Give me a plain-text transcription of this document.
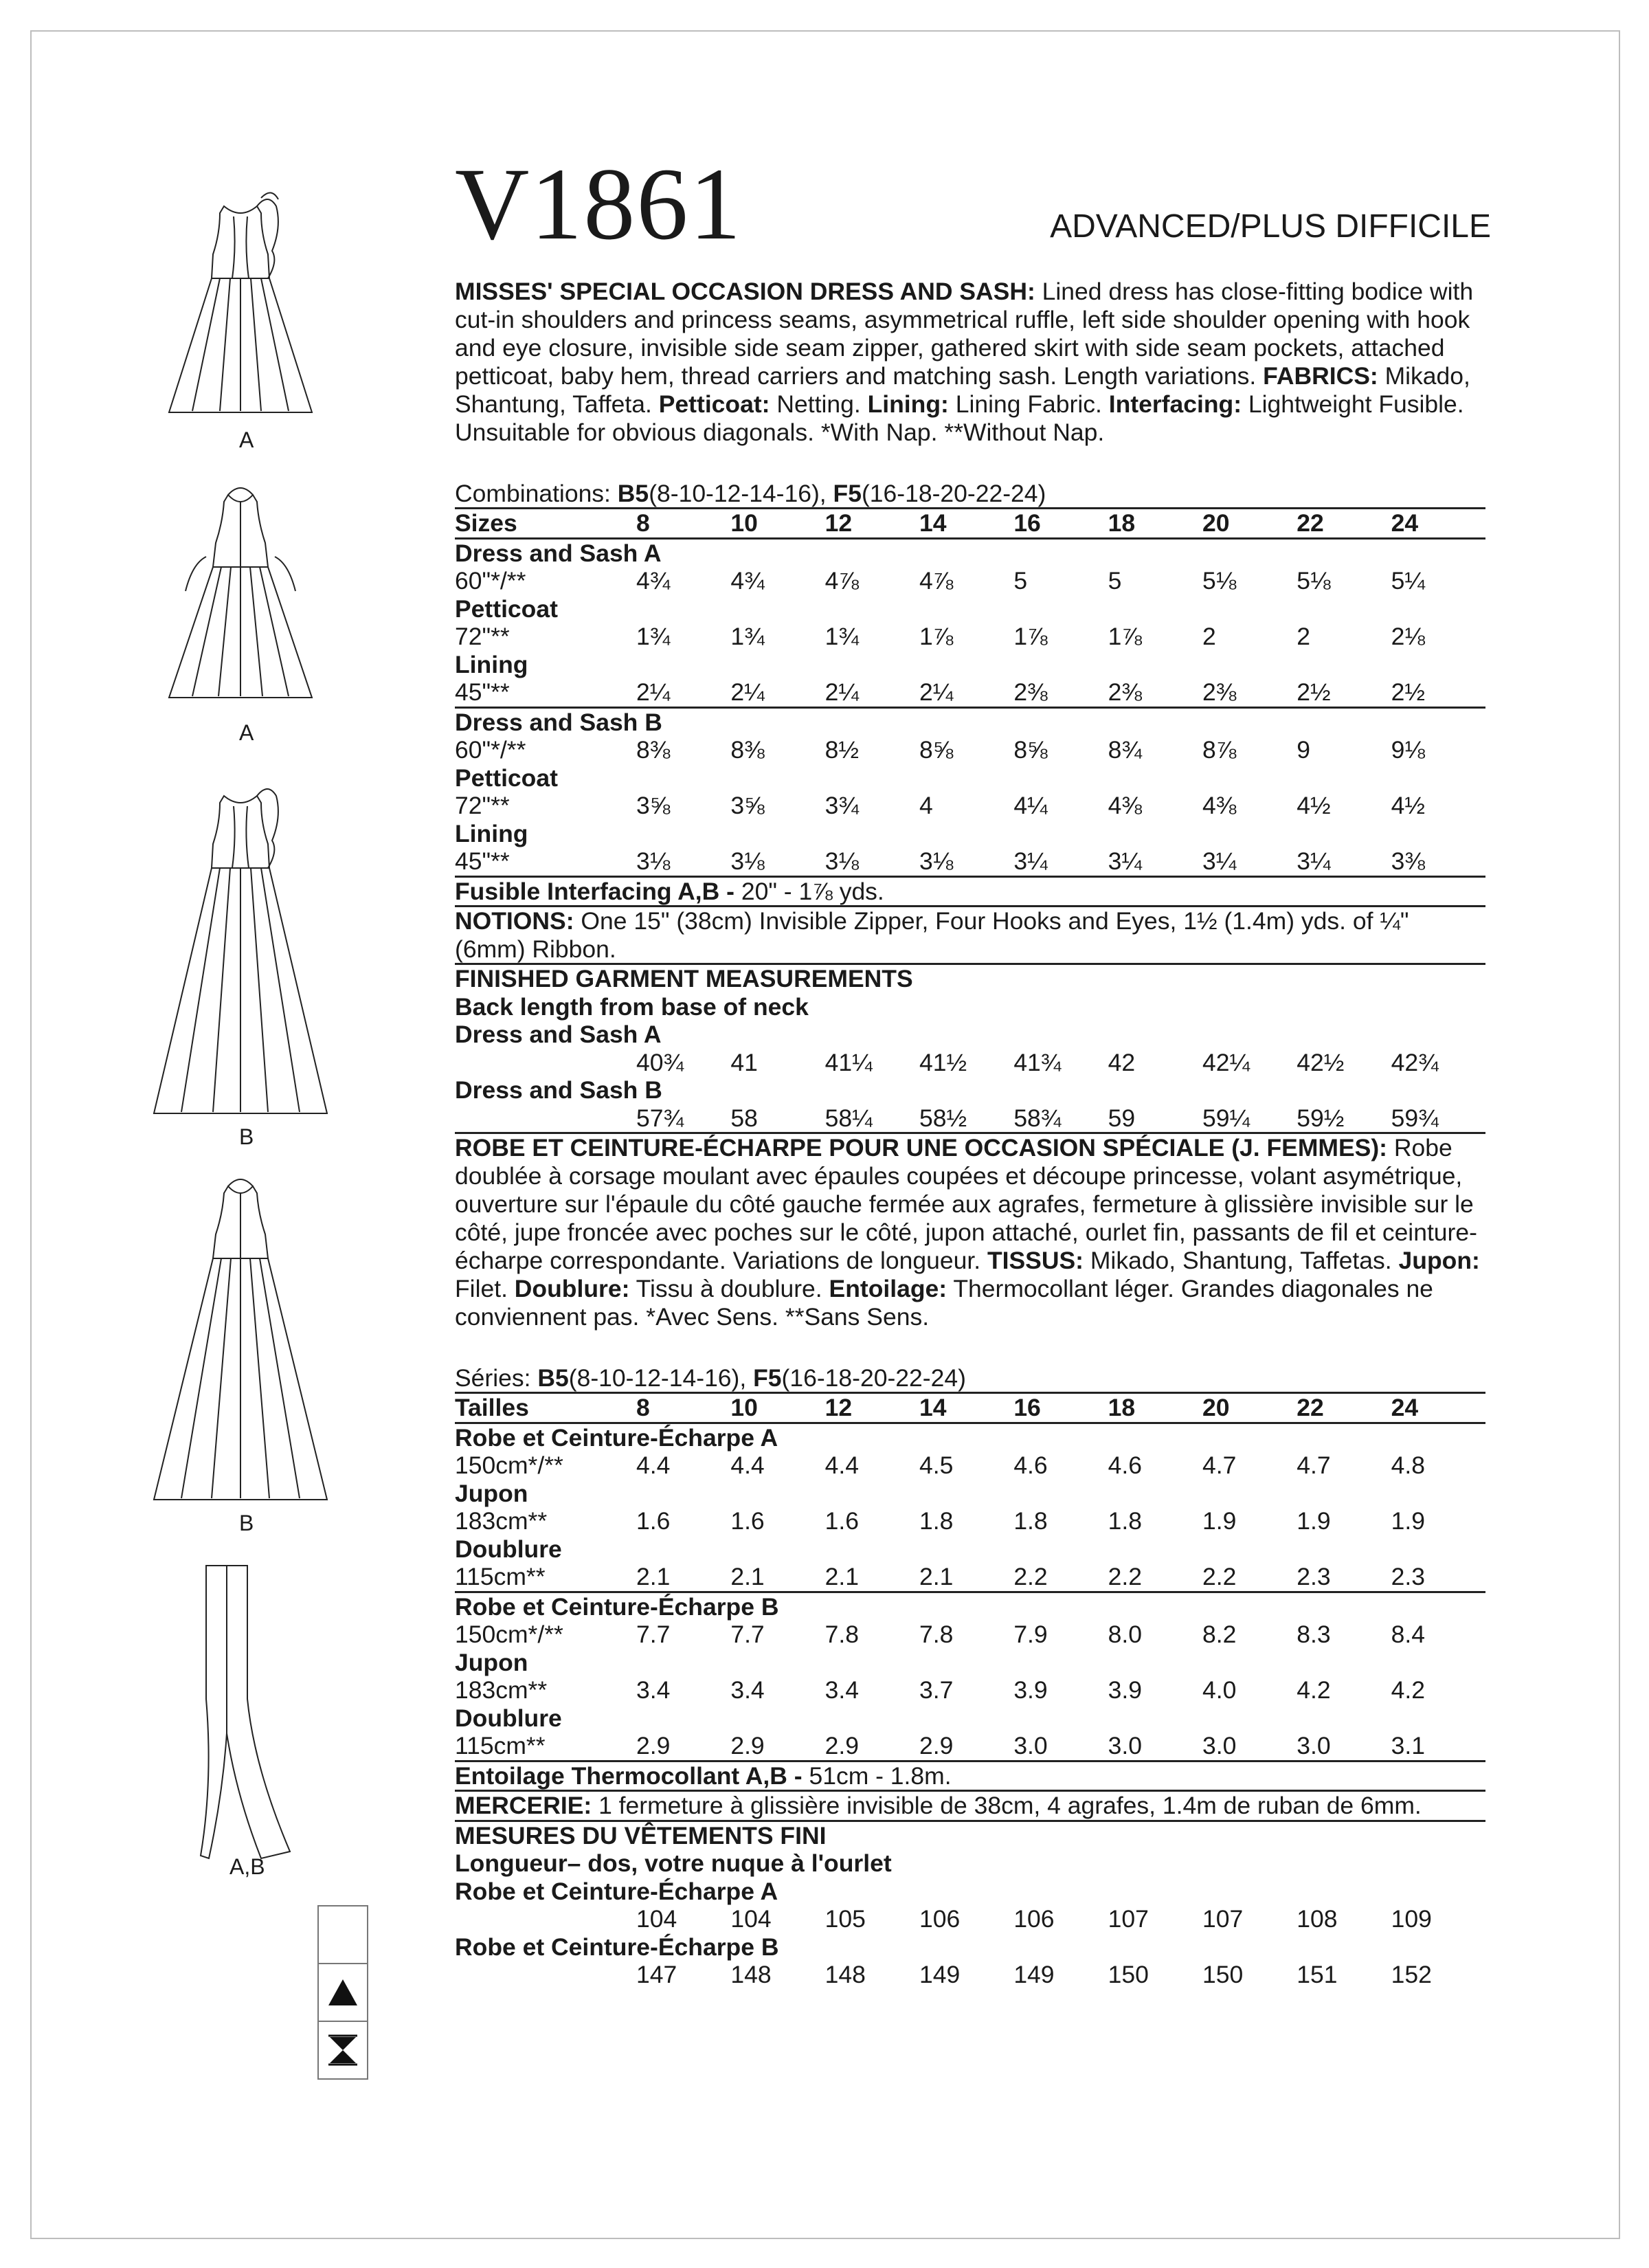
A
A
B
B
A,B
V1861	ADVANCED/PLUS DIFFICILE

MISSES' SPECIAL OCCASION DRESS AND SASH: Lined dress has close-fitting bodice with cut-in shoulders and princess seams, asymmetrical ruffle, left side shoulder opening with hook and eye closure, invisible side seam zipper, gathered skirt with side seam pockets, attached petticoat, baby hem, thread carriers and matching sash. Length variations. FABRICS: Mikado, Shantung, Taffeta. Petticoat: Netting. Lining: Lining Fabric. Interfacing: Lightweight Fusible. Unsuitable for obvious diagonals. *With Nap. **Without Nap.

Combinations: B5(8-10-12-14-16), F5(16-18-20-22-24)
Sizes	8	10	12	14	16	18	20	22	24
Dress and Sash A									
60"*/**	4¾	4¾	4⅞	4⅞	5	5	5⅛	5⅛	5¼
Petticoat									
72"**	1¾	1¾	1¾	1⅞	1⅞	1⅞	2	2	2⅛
Lining									
45"**	2¼	2¼	2¼	2¼	2⅜	2⅜	2⅜	2½	2½
Dress and Sash B									
60"*/**	8⅜	8⅜	8½	8⅝	8⅝	8¾	8⅞	9	9⅛
Petticoat									
72"**	3⅝	3⅝	3¾	4	4¼	4⅜	4⅜	4½	4½
Lining									
45"**	3⅛	3⅛	3⅛	3⅛	3¼	3¼	3¼	3¼	3⅜
Fusible Interfacing A,B - 20" - 1⅞ yds.									
NOTIONS: One 15" (38cm) Invisible Zipper, Four Hooks and Eyes, 1½ (1.4m) yds. of ¼" (6mm) Ribbon.									
FINISHED GARMENT MEASUREMENTS									
Back length from base of neck									
Dress and Sash A									
	40¾	41	41¼	41½	41¾	42	42¼	42½	42¾
Dress and Sash B									
	57¾	58	58¼	58½	58¾	59	59¼	59½	59¾

ROBE ET CEINTURE-ÉCHARPE POUR UNE OCCASION SPÉCIALE (J. FEMMES): Robe doublée à corsage moulant avec épaules coupées et découpe princesse, volant asymétrique, ouverture sur l'épaule du côté gauche fermée aux agrafes, fermeture à glissière invisible sur le côté, jupe froncée avec poches sur le côté, jupon attaché, ourlet fin, passants de fil et ceinture-écharpe correspondante. Variations de longueur. TISSUS: Mikado, Shantung, Taffetas. Jupon: Filet. Doublure: Tissu à doublure. Entoilage: Thermocollant léger. Grandes diagonales ne conviennent pas. *Avec Sens. **Sans Sens.

Séries: B5(8-10-12-14-16), F5(16-18-20-22-24)
Tailles	8	10	12	14	16	18	20	22	24
Robe et Ceinture-Écharpe A									
150cm*/**	4.4	4.4	4.4	4.5	4.6	4.6	4.7	4.7	4.8
Jupon									
183cm**	1.6	1.6	1.6	1.8	1.8	1.8	1.9	1.9	1.9
Doublure									
115cm**	2.1	2.1	2.1	2.1	2.2	2.2	2.2	2.3	2.3
Robe et Ceinture-Écharpe B									
150cm*/**	7.7	7.7	7.8	7.8	7.9	8.0	8.2	8.3	8.4
Jupon									
183cm**	3.4	3.4	3.4	3.7	3.9	3.9	4.0	4.2	4.2
Doublure									
115cm**	2.9	2.9	2.9	2.9	3.0	3.0	3.0	3.0	3.1
Entoilage Thermocollant A,B - 51cm - 1.8m.									
MERCERIE: 1 fermeture à glissière invisible de 38cm, 4 agrafes, 1.4m de ruban de 6mm.									
MESURES DU VÊTEMENTS FINI									
Longueur– dos, votre nuque à l'ourlet									
Robe et Ceinture-Écharpe A									
	104	104	105	106	106	107	107	108	109
Robe et Ceinture-Écharpe B									
	147	148	148	149	149	150	150	151	152
